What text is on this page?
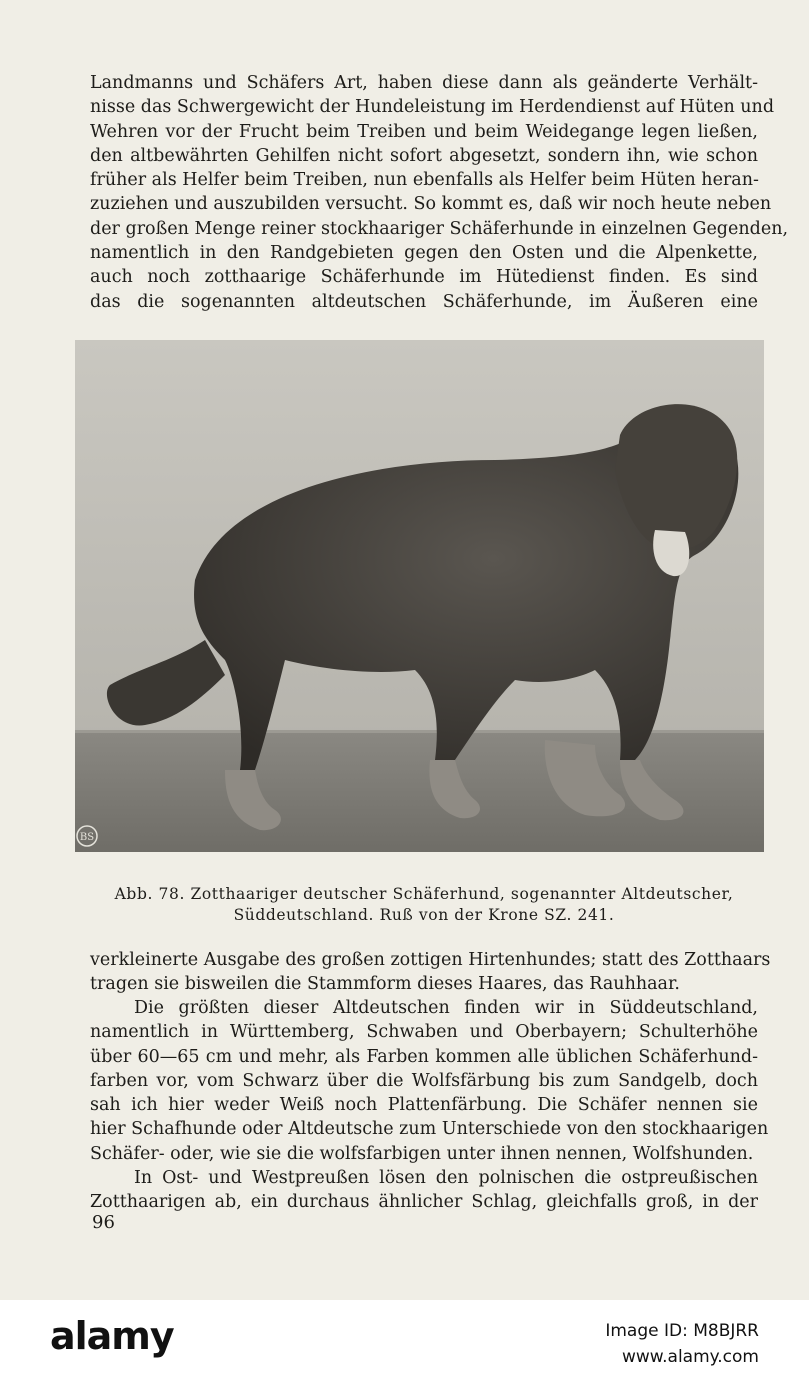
Landmanns und Schäfers Art, haben diese dann als geänderte Verhält-
nisse das Schwergewicht der Hundeleistung im Herdendienst auf Hüten und
Wehren vor der Frucht beim Treiben und beim Weidegange legen ließen,
den altbewährten Gehilfen nicht sofort abgesetzt, sondern ihn, wie schon
früher als Helfer beim Treiben, nun ebenfalls als Helfer beim Hüten heran-
zuziehen und auszubilden versucht. So kommt es, daß wir noch heute neben
der großen Menge reiner stockhaariger Schäferhunde in einzelnen Gegenden,
namentlich in den Randgebieten gegen den Osten und die Alpenkette,
auch noch zotthaarige Schäferhunde im Hütedienst finden. Es sind
das die sogenannten altdeutschen Schäferhunde, im Äußeren eine
BS
Abb. 78. Zotthaariger deutscher Schäferhund, sogenannter Altdeutscher,
Süddeutschland. Ruß von der Krone SZ. 241.
verkleinerte Ausgabe des großen zottigen Hirtenhundes; statt des Zotthaars
tragen sie bisweilen die Stammform dieses Haares, das Rauhhaar.
Die größten dieser Altdeutschen finden wir in Süddeutschland,
namentlich in Württemberg, Schwaben und Oberbayern; Schulterhöhe
über 60—65 cm und mehr, als Farben kommen alle üblichen Schäferhund-
farben vor, vom Schwarz über die Wolfsfärbung bis zum Sandgelb, doch
sah ich hier weder Weiß noch Plattenfärbung. Die Schäfer nennen sie
hier Schafhunde oder Altdeutsche zum Unterschiede von den stockhaarigen
Schäfer- oder, wie sie die wolfsfarbigen unter ihnen nennen, Wolfshunden.
In Ost- und Westpreußen lösen den polnischen die ostpreußischen
Zotthaarigen ab, ein durchaus ähnlicher Schlag, gleichfalls groß, in der
96
alamy	Image ID: M8BJRR
www.alamy.com
